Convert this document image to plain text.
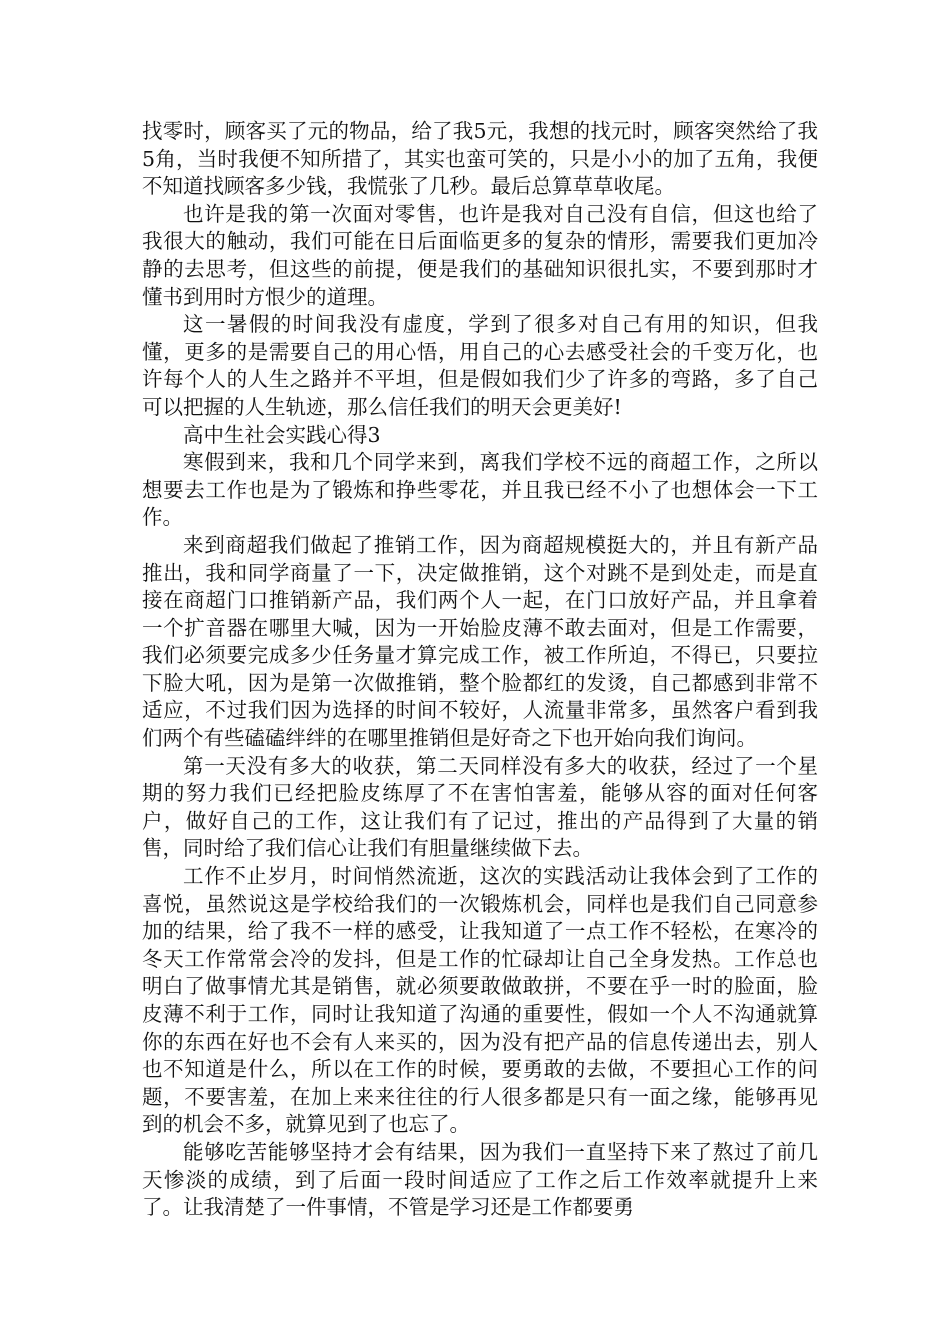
找零时，顾客买了元的物品，给了我5元，我想的找元时，顾客突然给了我5角，当时我便不知所措了，其实也蛮可笑的，只是小小的加了五角，我便不知道找顾客多少钱，我慌张了几秒。最后总算草草收尾。

也许是我的第一次面对零售，也许是我对自己没有自信，但这也给了我很大的触动，我们可能在日后面临更多的复杂的情形，需要我们更加冷静的去思考，但这些的前提，便是我们的基础知识很扎实，不要到那时才懂书到用时方恨少的道理。

这一暑假的时间我没有虚度，学到了很多对自己有用的知识，但我懂，更多的是需要自己的用心悟，用自己的心去感受社会的千变万化，也许每个人的人生之路并不平坦，但是假如我们少了许多的弯路，多了自己可以把握的人生轨迹，那么信任我们的明天会更美好!

高中生社会实践心得3

寒假到来，我和几个同学来到，离我们学校不远的商超工作，之所以想要去工作也是为了锻炼和挣些零花，并且我已经不小了也想体会一下工作。

来到商超我们做起了推销工作，因为商超规模挺大的，并且有新产品推出，我和同学商量了一下，决定做推销，这个对跳不是到处走，而是直接在商超门口推销新产品，我们两个人一起，在门口放好产品，并且拿着一个扩音器在哪里大喊，因为一开始脸皮薄不敢去面对，但是工作需要，我们必须要完成多少任务量才算完成工作，被工作所迫，不得已，只要拉下脸大吼，因为是第一次做推销，整个脸都红的发烫，自己都感到非常不适应，不过我们因为选择的时间不较好，人流量非常多，虽然客户看到我们两个有些磕磕绊绊的在哪里推销但是好奇之下也开始向我们询问。

第一天没有多大的收获，第二天同样没有多大的收获，经过了一个星期的努力我们已经把脸皮练厚了不在害怕害羞，能够从容的面对任何客户，做好自己的工作，这让我们有了记过，推出的产品得到了大量的销售，同时给了我们信心让我们有胆量继续做下去。

工作不止岁月，时间悄然流逝，这次的实践活动让我体会到了工作的喜悦，虽然说这是学校给我们的一次锻炼机会，同样也是我们自己同意参加的结果，给了我不一样的感受，让我知道了一点工作不轻松，在寒冷的冬天工作常常会冷的发抖，但是工作的忙碌却让自己全身发热。工作总也明白了做事情尤其是销售，就必须要敢做敢拼，不要在乎一时的脸面，脸皮薄不利于工作，同时让我知道了沟通的重要性，假如一个人不沟通就算你的东西在好也不会有人来买的，因为没有把产品的信息传递出去，别人也不知道是什么，所以在工作的时候，要勇敢的去做，不要担心工作的问题，不要害羞，在加上来来往往的行人很多都是只有一面之缘，能够再见到的机会不多，就算见到了也忘了。

能够吃苦能够坚持才会有结果，因为我们一直坚持下来了熬过了前几天惨淡的成绩，到了后面一段时间适应了工作之后工作效率就提升上来了。让我清楚了一件事情，不管是学习还是工作都要勇
